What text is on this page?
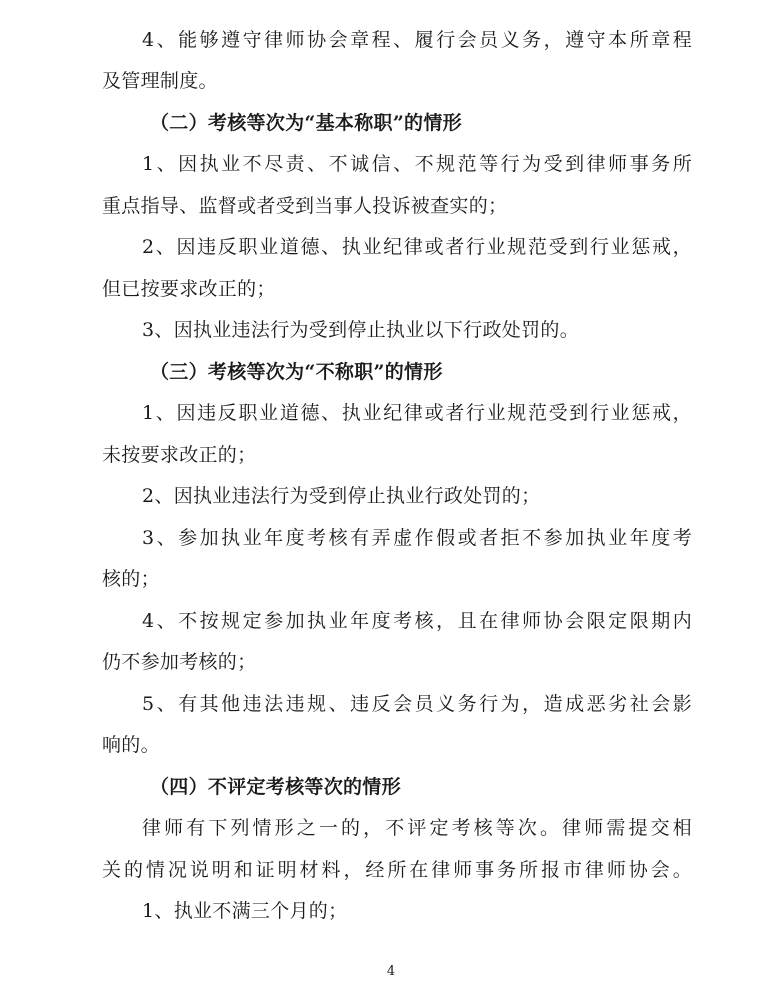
4、能够遵守律师协会章程、履行会员义务，遵守本所章程
及管理制度。
（二）考核等次为“基本称职”的情形
1、因执业不尽责、不诚信、不规范等行为受到律师事务所
重点指导、监督或者受到当事人投诉被查实的；
2、因违反职业道德、执业纪律或者行业规范受到行业惩戒，
但已按要求改正的；
3、因执业违法行为受到停止执业以下行政处罚的。
（三）考核等次为“不称职”的情形
1、因违反职业道德、执业纪律或者行业规范受到行业惩戒，
未按要求改正的；
2、因执业违法行为受到停止执业行政处罚的；
3、参加执业年度考核有弄虚作假或者拒不参加执业年度考
核的；
4、不按规定参加执业年度考核，且在律师协会限定限期内
仍不参加考核的；
5、有其他违法违规、违反会员义务行为，造成恶劣社会影
响的。
（四）不评定考核等次的情形
律师有下列情形之一的，不评定考核等次。律师需提交相
关的情况说明和证明材料，经所在律师事务所报市律师协会。
1、执业不满三个月的；
4
